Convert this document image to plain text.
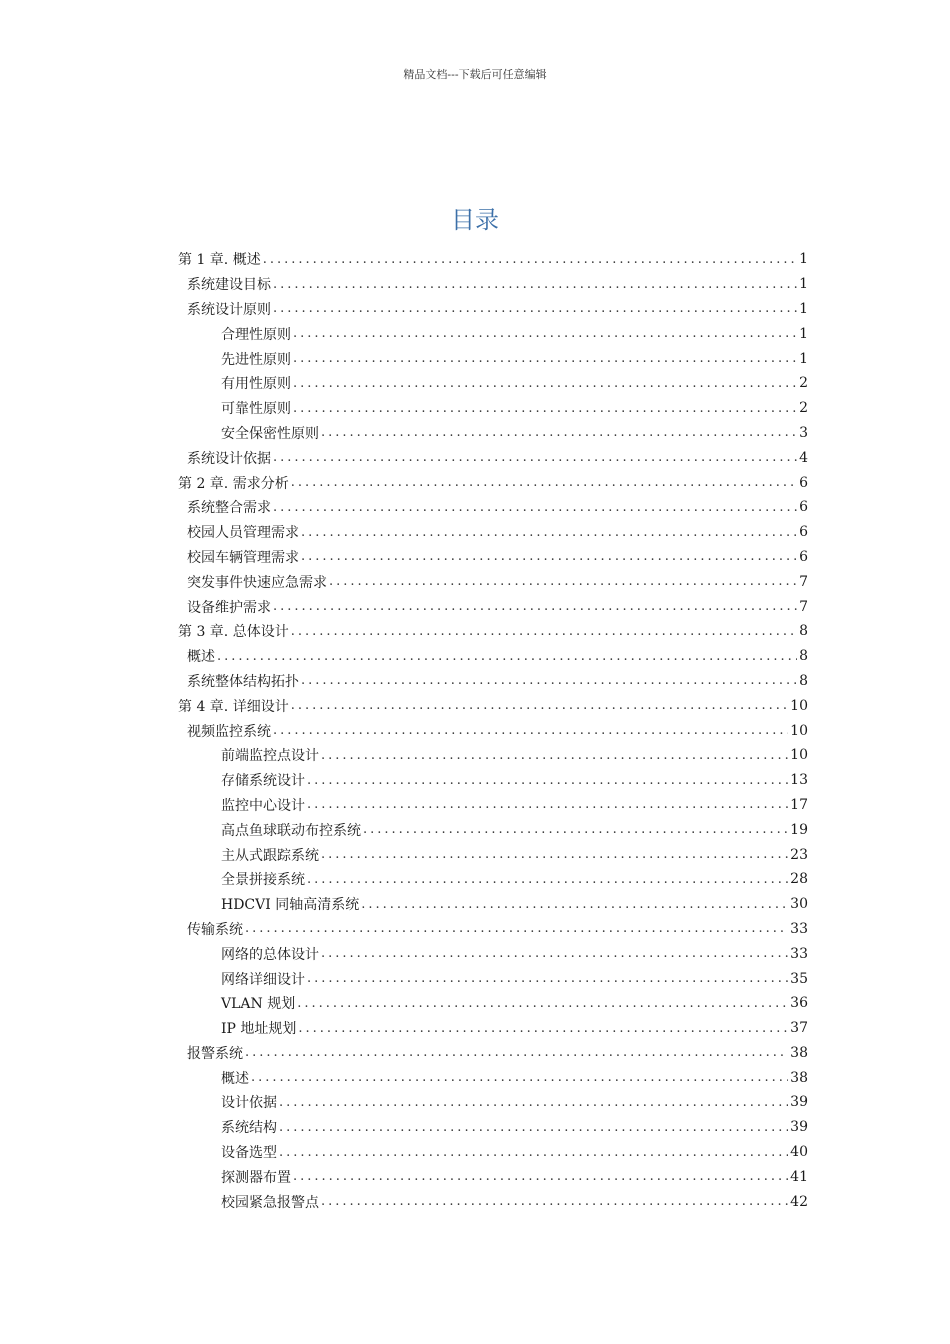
精品文档---下载后可任意编辑
目录
第 1 章. 概述 .....	1
系统建设目标 .....	1
系统设计原则 .....	1
合理性原则 .....	1
先进性原则 .....	1
有用性原则 .....	2
可靠性原则 .....	2
安全保密性原则 .....	3
系统设计依据 .....	4
第 2 章. 需求分析 .....	6
系统整合需求 .....	6
校园人员管理需求 .....	6
校园车辆管理需求 .....	6
突发事件快速应急需求 .....	7
设备维护需求 .....	7
第 3 章. 总体设计 .....	8
概述 .....	8
系统整体结构拓扑 .....	8
第 4 章. 详细设计 .....	10
视频监控系统 .....	10
前端监控点设计 .....	10
存储系统设计 .....	13
监控中心设计 .....	17
高点鱼球联动布控系统 .....	19
主从式跟踪系统 .....	23
全景拼接系统 .....	28
HDCVI 同轴高清系统 .....	30
传输系统 .....	33
网络的总体设计 .....	33
网络详细设计 .....	35
VLAN 规划 .....	36
IP 地址规划 .....	37
报警系统 .....	38
概述 .....	38
设计依据 .....	39
系统结构 .....	39
设备选型 .....	40
探测器布置 .....	41
校园紧急报警点 .....	42
